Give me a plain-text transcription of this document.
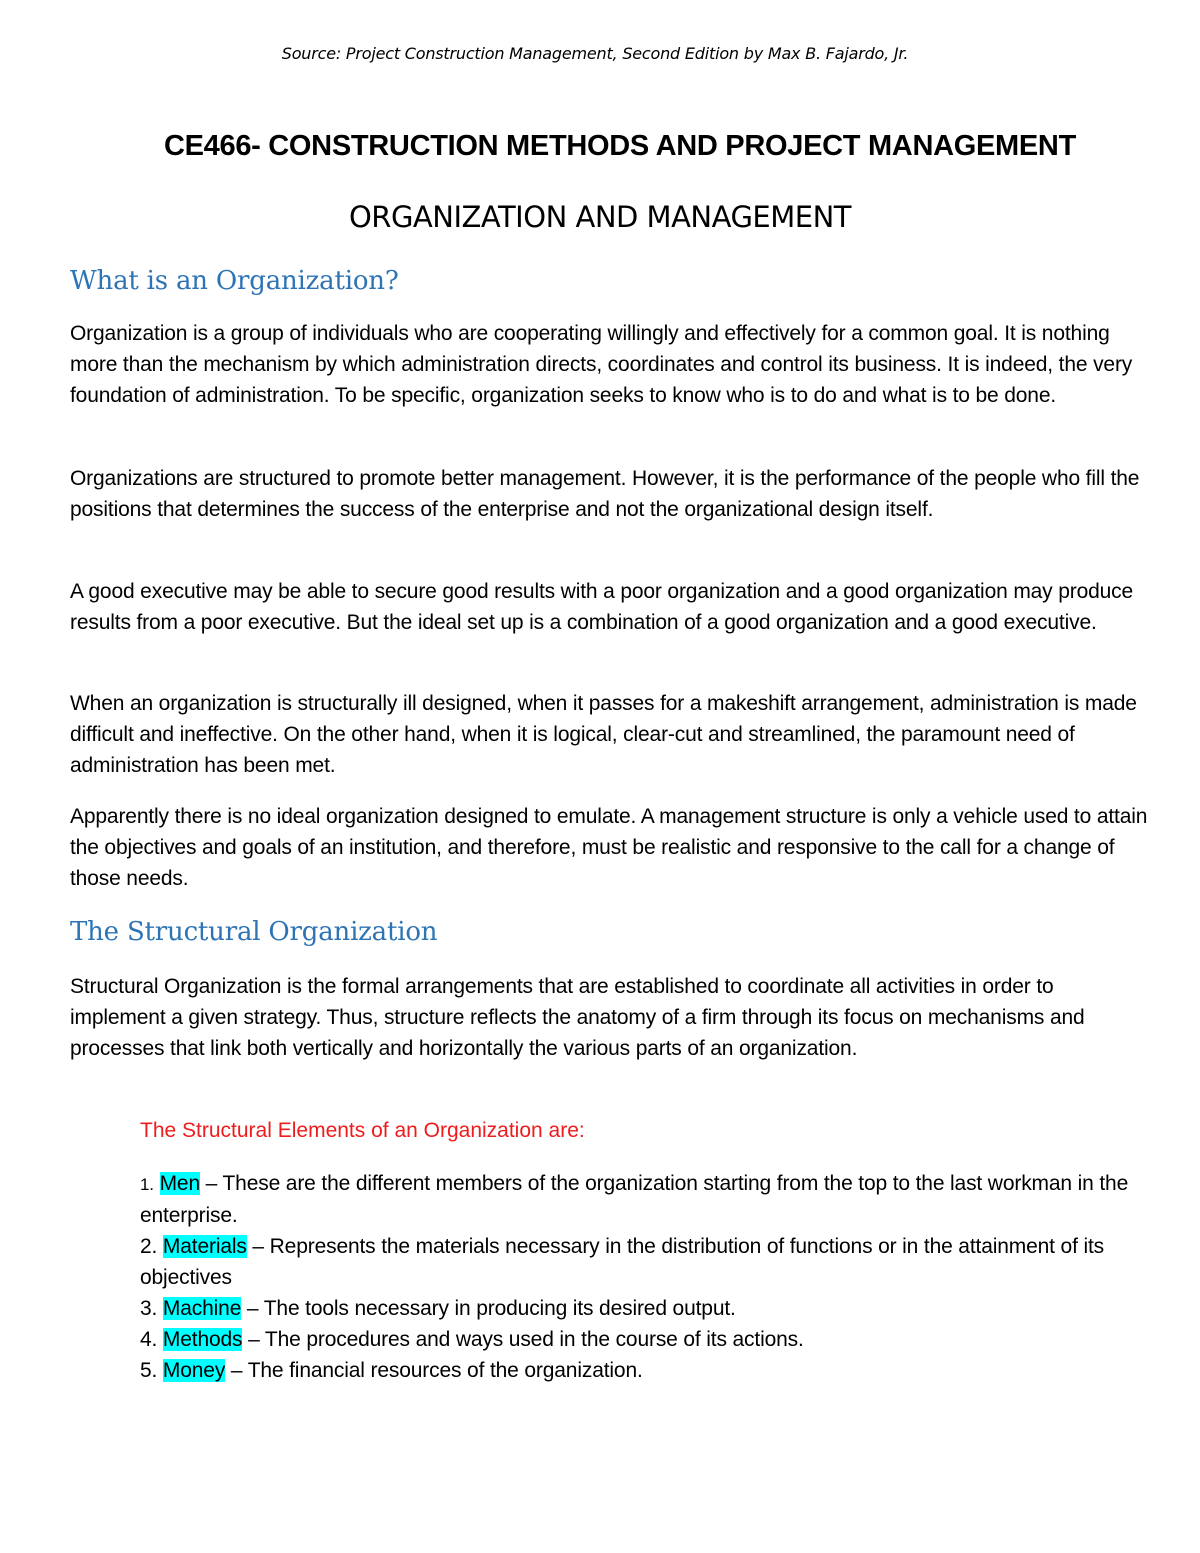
Source: Project Construction Management, Second Edition by Max B. Fajardo, Jr.
CE466- CONSTRUCTION METHODS AND PROJECT MANAGEMENT
ORGANIZATION AND MANAGEMENT
What is an Organization?

Organization is a group of individuals who are cooperating willingly and effectively for a common goal. It is nothing more than the mechanism by which administration directs, coordinates and control its business. It is indeed, the very foundation of administration. To be specific, organization seeks to know who is to do and what is to be done.

Organizations are structured to promote better management. However, it is the performance of the people who fill the positions that determines the success of the enterprise and not the organizational design itself.

A good executive may be able to secure good results with a poor organization and a good organization may produce results from a poor executive. But the ideal set up is a combination of a good organization and a good executive.

When an organization is structurally ill designed, when it passes for a makeshift arrangement, administration is made difficult and ineffective. On the other hand, when it is logical, clear-cut and streamlined, the paramount need of administration has been met.

Apparently there is no ideal organization designed to emulate. A management structure is only a vehicle used to attain the objectives and goals of an institution, and therefore, must be realistic and responsive to the call for a change of those needs.

The Structural Organization

Structural Organization is the formal arrangements that are established to coordinate all activities in order to implement a given strategy. Thus, structure reflects the anatomy of a firm through its focus on mechanisms and processes that link both vertically and horizontally the various parts of an organization.

The Structural Elements of an Organization are:
1. Men – These are the different members of the organization starting from the top to the last workman in the enterprise.
2. Materials – Represents the materials necessary in the distribution of functions or in the attainment of its objectives
3. Machine – The tools necessary in producing its desired output.
4. Methods – The procedures and ways used in the course of its actions.
5. Money – The financial resources of the organization.
